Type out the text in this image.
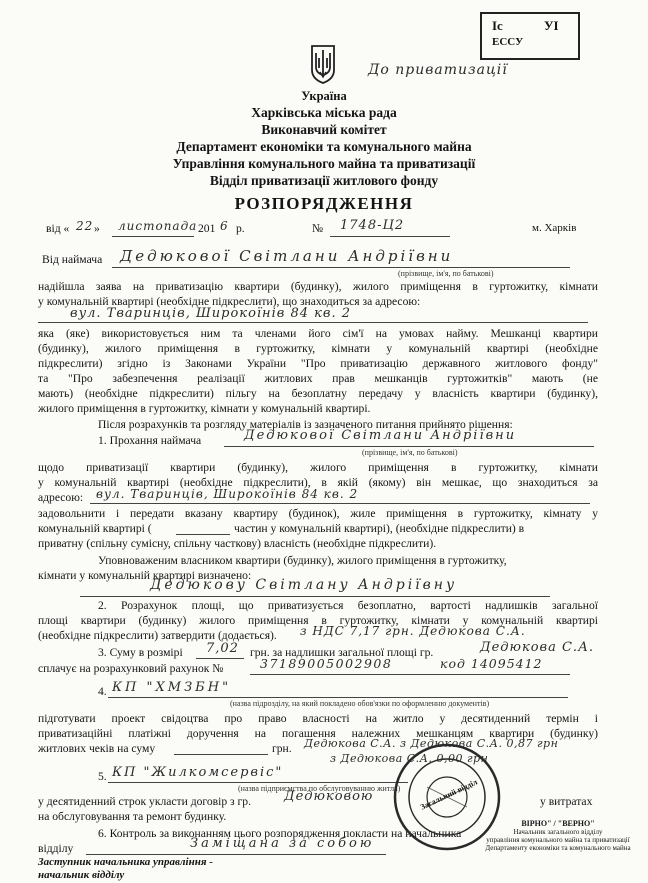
Іс
ЕССУ
УІ
До приватизації
Україна
Харківська міська рада
Виконавчий комітет
Департамент економіки та комунального майна
Управління комунального майна та приватизації
Відділ приватизації житлового фонду
РОЗПОРЯДЖЕННЯ
від « 22 » листопада 201 6 р.	№ 1748-Ц2	м. Харків
Від наймача Дедюкової Світлани Андріївни
(прізвище, ім'я, по батькові)
надійшла заява на приватизацію квартири (будинку), жилого приміщення в гуртожитку, кімнати
у комунальній квартирі (необхідне підкреслити), що знаходиться за адресою:
вул. Тваринців, Широкоїнів 84 кв. 2
яка (яке) використовується ним та членами його сім'ї на умовах найму. Мешканці квартири
(будинку), жилого приміщення в гуртожитку, кімнати у комунальній квартирі (необхідне
підкреслити) згідно із Законами України "Про приватизацію державного житлового фонду"
та "Про забезпечення реалізації житлових прав мешканців гуртожитків" мають (не
мають) (необхідне підкреслити) пільгу на безоплатну передачу у власність квартири (будинку),
жилого приміщення в гуртожитку, кімнати у комунальній квартирі.
Після розрахунків та розгляду матеріалів із зазначеного питання прийнято рішення:
1. Прохання наймача	Дедюкової Світлани Андріївни
(прізвище, ім'я, по батькові)
щодо приватизації квартири (будинку), жилого приміщення в гуртожитку, кімнати
у комунальній квартирі (необхідне підкреслити), в якій (якому) він мешкає, що знаходиться за
адресою: вул. Тваринців, Широкоїнів 84 кв. 2
задовольнити і передати вказану квартиру (будинок), жиле приміщення в гуртожитку, кімнату у
комунальній квартирі (	частин у комунальній квартирі), (необхідне підкреслити) в
приватну (спільну сумісну, спільну часткову) власність (необхідне підкреслити).
Уповноваженим власником квартири (будинку), жилого приміщення в гуртожитку,
кімнати у комунальній квартирі визначено:
Дедюкову Світлану Андріївну
2. Розрахунок площі, що приватизується безоплатно, вартості надлишків загальної
площі квартири (будинку) жилого приміщення в гуртожитку, кімнати у комунальній квартирі
(необхідне підкреслити) затвердити (додається). з НДС 7,17 грн. Дедюкова С.А.
3. Суму в розмірі 7,02 грн. за надлишки загальної площі гр.	Дедюкова С.А.
сплачує на розрахунковий рахунок №	37189005002908	код 14095412
4. КП "ХМЗБН"
(назва підрозділу, на який покладено обов'язки по оформленню документів)
підготувати проект свідоцтва про право власності на житло у десятиденний термін і
приватизаційні платіжні доручення на погашення належних мешканцям квартири (будинку)
житлових чеків на суму	грн. Дедюкова С.А. з Дедюкова С.А. 0,87 грн
з Дедюкова С.А. 0,00 грн
5. КП "Жилкомсервіс"
(назва підприємства по обслуговуванню житла)
у десятиденний строк укласти договір з гр.	Дедюковою	у витратах
на обслуговування та ремонт будинку.
6. Контроль за виконанням цього розпорядження покласти на начальника
відділу	Заміщана за собою
Заступник начальника управління -
начальник відділу
Загальний відділ
ВІРНО" / "ВЕРНО"
Начальник загального відділу
управління комунального майна та приватизації
Департаменту економіки та комунального майна
